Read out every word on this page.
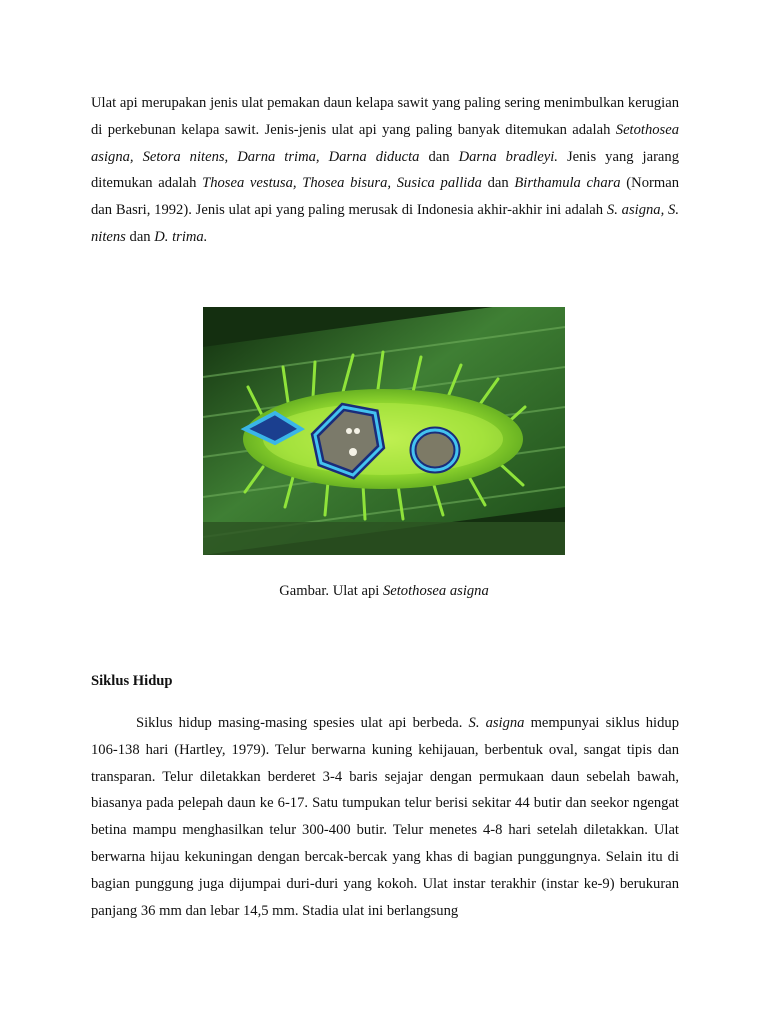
Ulat api merupakan jenis ulat pemakan daun kelapa sawit yang paling sering menimbulkan kerugian di perkebunan kelapa sawit. Jenis-jenis ulat api yang paling banyak ditemukan adalah Setothosea asigna, Setora nitens, Darna trima, Darna diducta dan Darna bradleyi. Jenis yang jarang ditemukan adalah Thosea vestusa, Thosea bisura, Susica pallida dan Birthamula chara (Norman dan Basri, 1992). Jenis ulat api yang paling merusak di Indonesia akhir-akhir ini adalah S. asigna, S. nitens dan D. trima.

Gambar. Ulat api Setothosea asigna

Siklus Hidup

Siklus hidup masing-masing spesies ulat api berbeda. S. asigna mempunyai siklus hidup 106-138 hari (Hartley, 1979). Telur berwarna kuning kehijauan, berbentuk oval, sangat tipis dan transparan. Telur diletakkan berderet 3-4 baris sejajar dengan permukaan daun sebelah bawah, biasanya pada pelepah daun ke 6-17. Satu tumpukan telur berisi sekitar 44 butir dan seekor ngengat betina mampu menghasilkan telur 300-400 butir. Telur menetes 4-8 hari setelah diletakkan. Ulat berwarna hijau kekuningan dengan bercak-bercak yang khas di bagian punggungnya. Selain itu di bagian punggung juga dijumpai duri-duri yang kokoh. Ulat instar terakhir (instar ke-9) berukuran panjang 36 mm dan lebar 14,5 mm. Stadia ulat ini berlangsung
